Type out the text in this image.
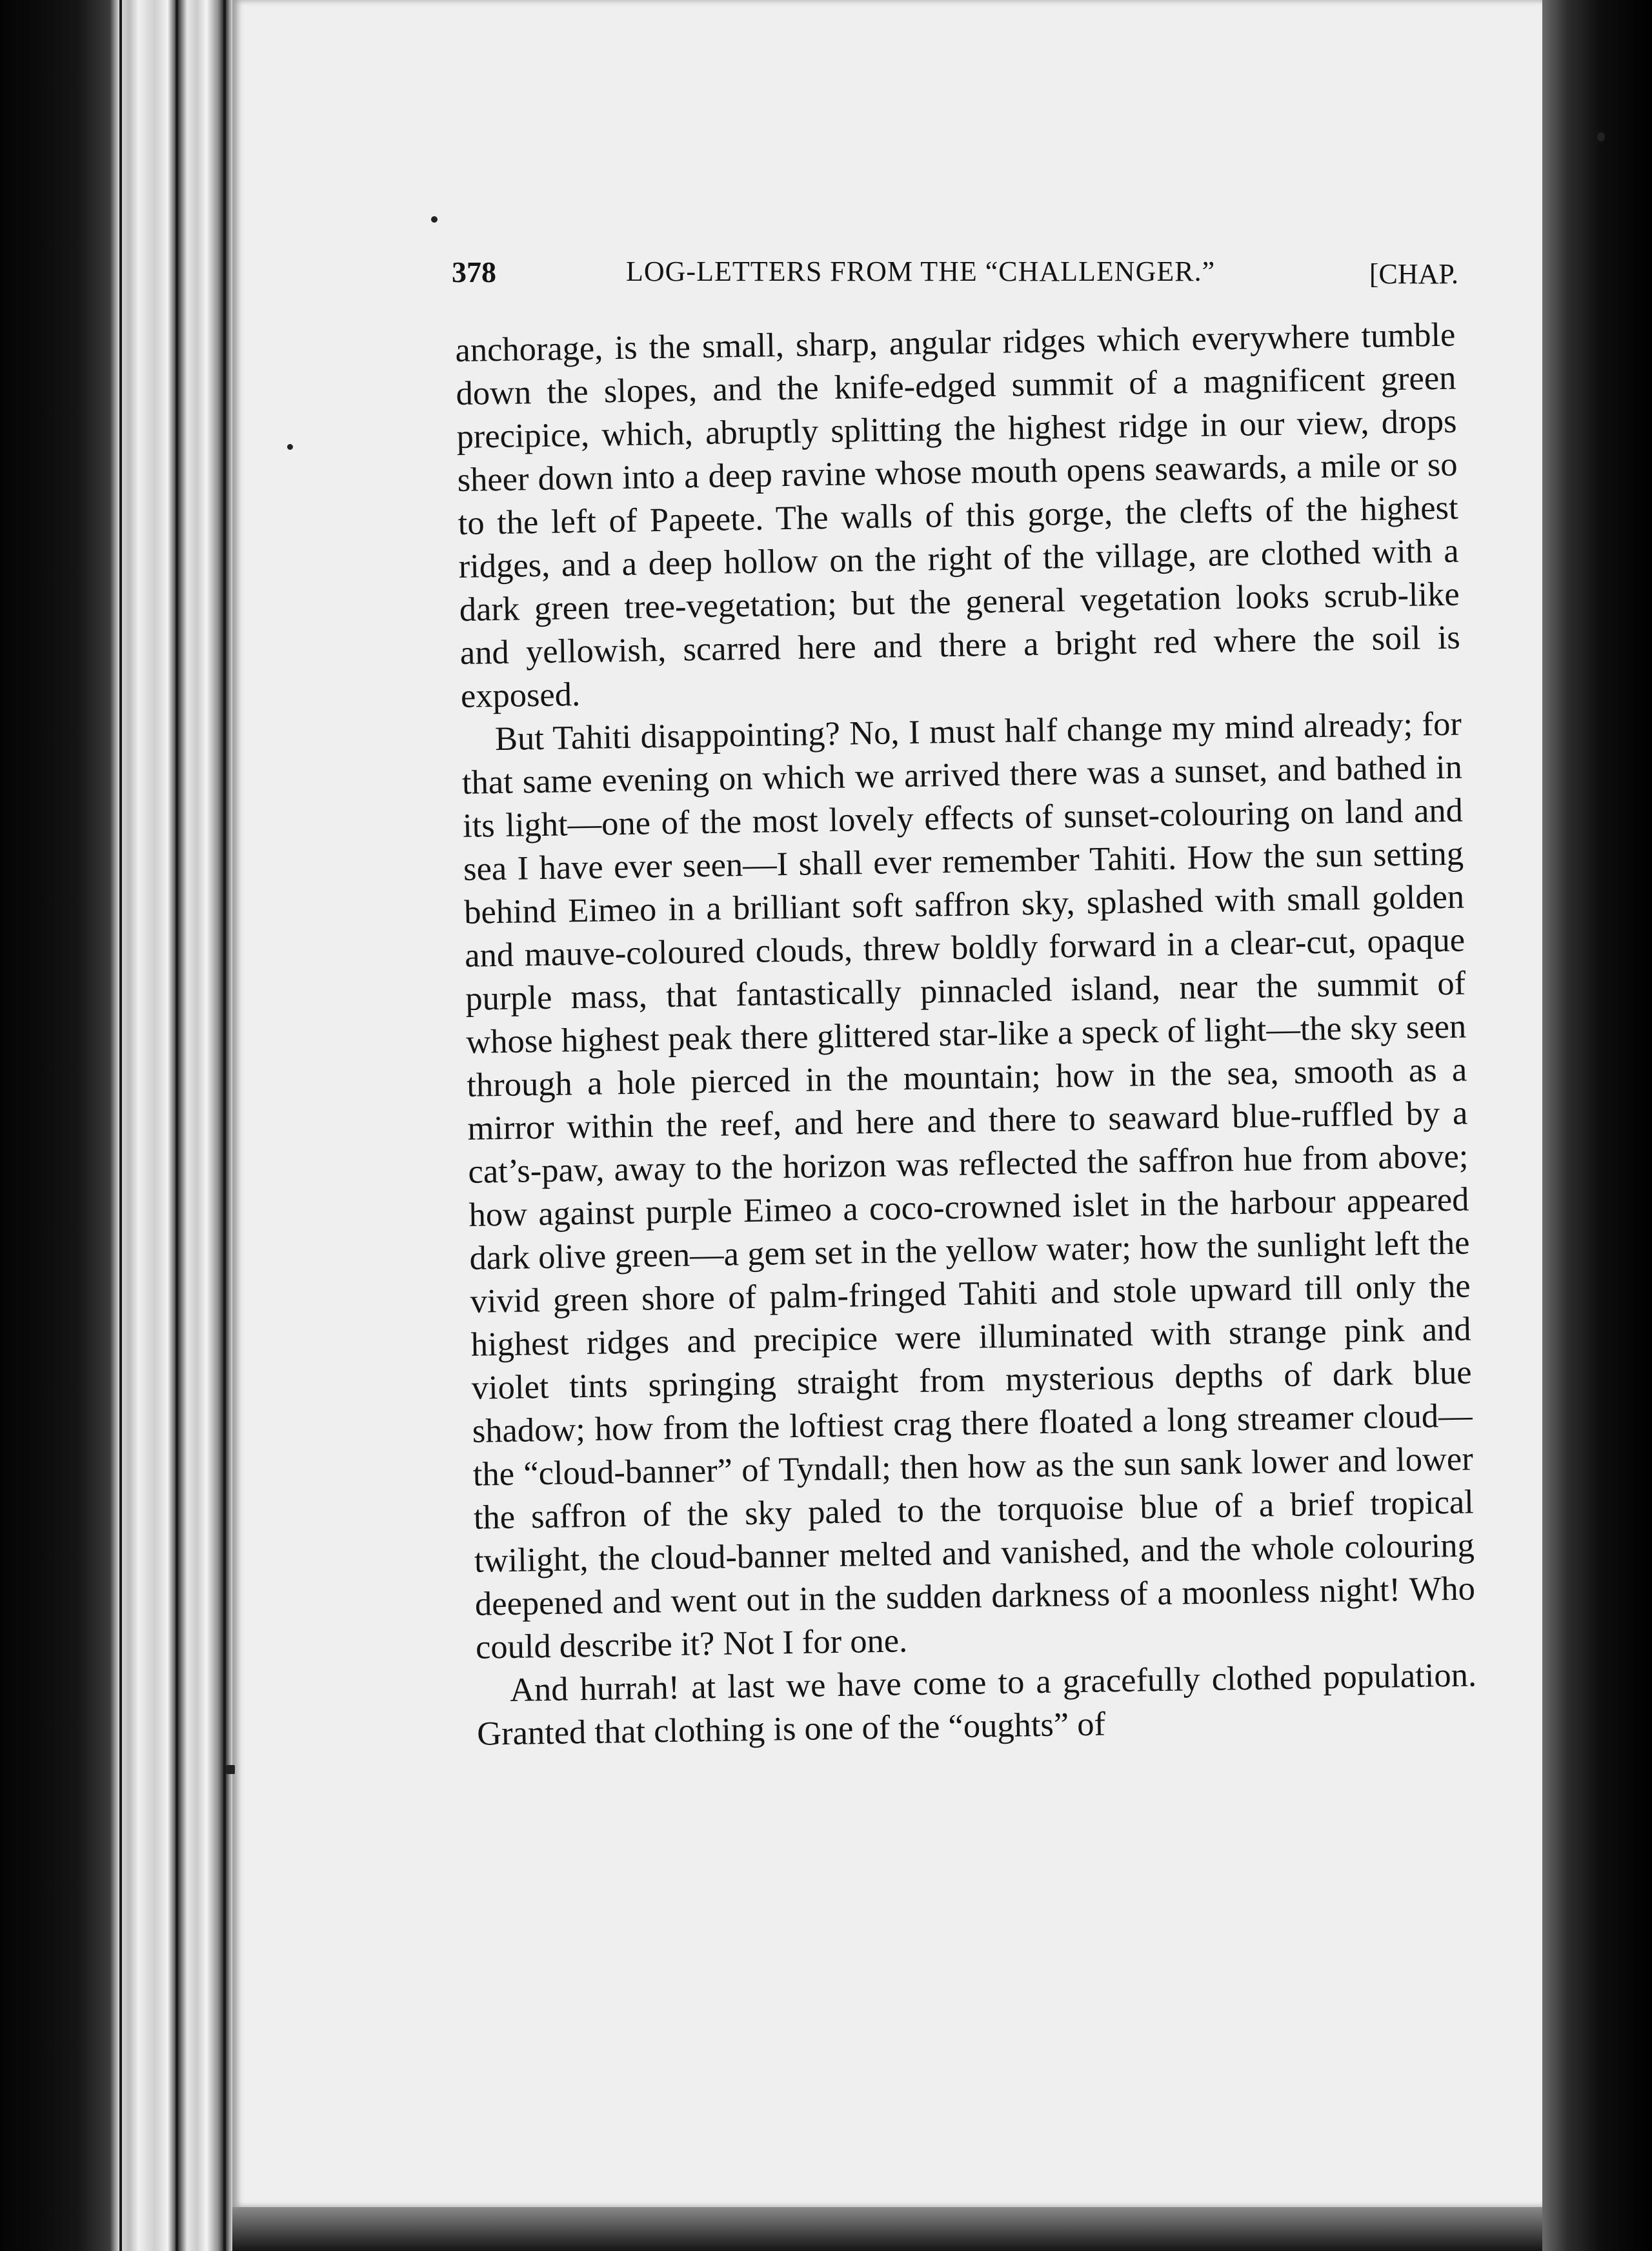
378	LOG-LETTERS FROM THE “CHALLENGER.”	[CHAP.

anchorage, is the small, sharp, angular ridges which everywhere tumble down the slopes, and the knife-edged summit of a magnificent green precipice, which, abruptly splitting the highest ridge in our view, drops sheer down into a deep ravine whose mouth opens seawards, a mile or so to the left of Papeete. The walls of this gorge, the clefts of the highest ridges, and a deep hollow on the right of the village, are clothed with a dark green tree-vegetation; but the general vegetation looks scrub-like and yellowish, scarred here and there a bright red where the soil is exposed.

But Tahiti disappointing? No, I must half change my mind already; for that same evening on which we arrived there was a sunset, and bathed in its light—one of the most lovely effects of sunset-colouring on land and sea I have ever seen—I shall ever remember Tahiti. How the sun setting behind Eimeo in a brilliant soft saffron sky, splashed with small golden and mauve-coloured clouds, threw boldly forward in a clear-cut, opaque purple mass, that fantastically pinnacled island, near the summit of whose highest peak there glittered star-like a speck of light—the sky seen through a hole pierced in the mountain; how in the sea, smooth as a mirror within the reef, and here and there to seaward blue-ruffled by a cat’s-paw, away to the horizon was reflected the saffron hue from above; how against purple Eimeo a coco-crowned islet in the harbour appeared dark olive green—a gem set in the yellow water; how the sunlight left the vivid green shore of palm-fringed Tahiti and stole upward till only the highest ridges and precipice were illuminated with strange pink and violet tints springing straight from mysterious depths of dark blue shadow; how from the loftiest crag there floated a long streamer cloud—the “cloud-banner” of Tyndall; then how as the sun sank lower and lower the saffron of the sky paled to the torquoise blue of a brief tropical twilight, the cloud-banner melted and vanished, and the whole colouring deepened and went out in the sudden darkness of a moonless night! Who could describe it? Not I for one.

And hurrah! at last we have come to a gracefully clothed population. Granted that clothing is one of the “oughts” of
